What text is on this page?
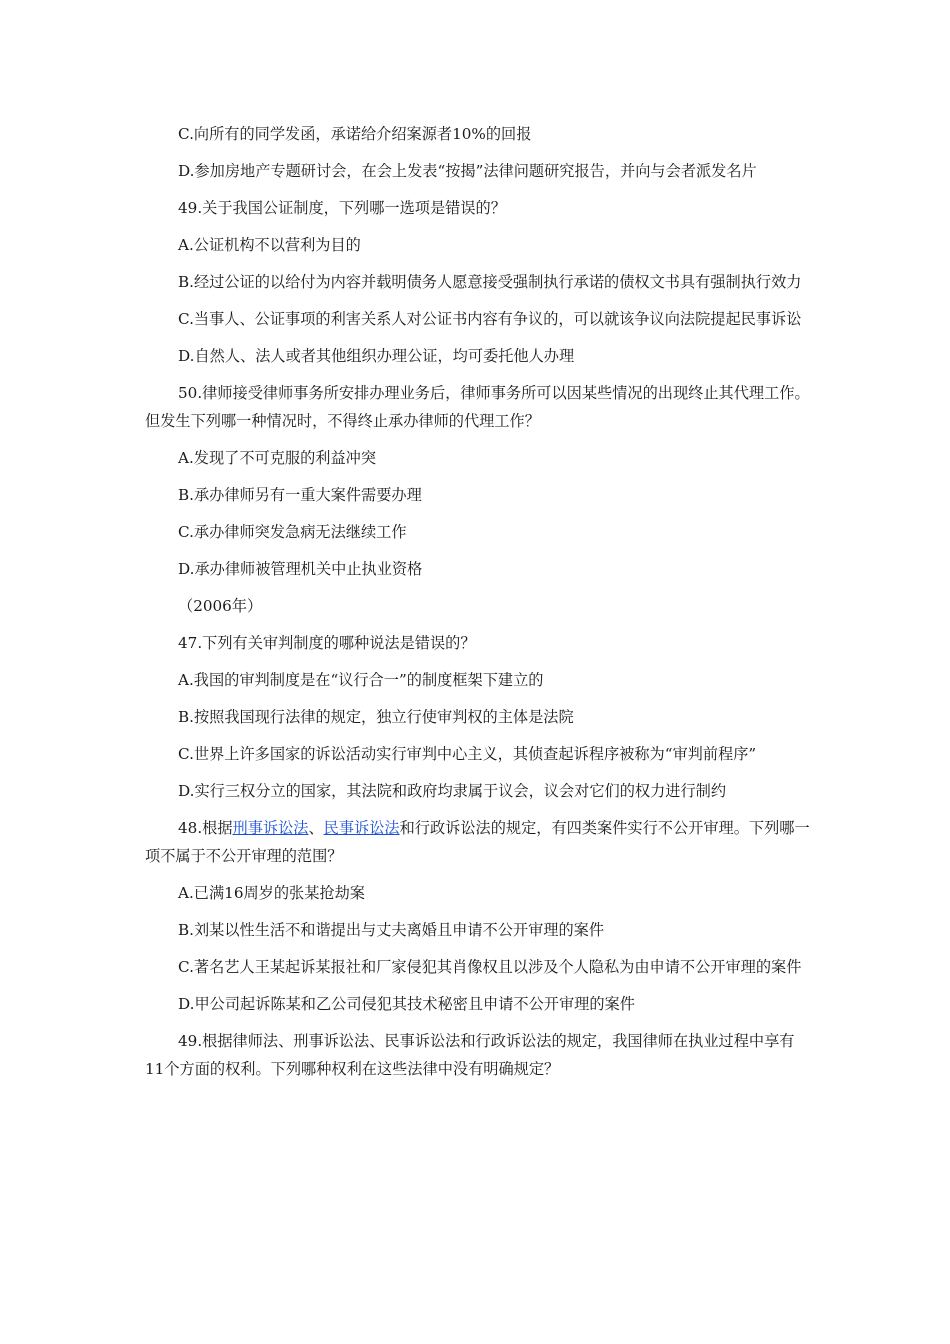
C.向所有的同学发函，承诺给介绍案源者10%的回报

D.参加房地产专题研讨会，在会上发表“按揭”法律问题研究报告，并向与会者派发名片

49.关于我国公证制度，下列哪一选项是错误的？

A.公证机构不以营利为目的

B.经过公证的以给付为内容并载明债务人愿意接受强制执行承诺的债权文书具有强制执行效力

C.当事人、公证事项的利害关系人对公证书内容有争议的，可以就该争议向法院提起民事诉讼

D.自然人、法人或者其他组织办理公证，均可委托他人办理

50.律师接受律师事务所安排办理业务后，律师事务所可以因某些情况的出现终止其代理工作。但发生下列哪一种情况时，不得终止承办律师的代理工作？

A.发现了不可克服的利益冲突

B.承办律师另有一重大案件需要办理

C.承办律师突发急病无法继续工作

D.承办律师被管理机关中止执业资格

（2006年）

47.下列有关审判制度的哪种说法是错误的？

A.我国的审判制度是在“议行合一”的制度框架下建立的

B.按照我国现行法律的规定，独立行使审判权的主体是法院

C.世界上许多国家的诉讼活动实行审判中心主义，其侦查起诉程序被称为“审判前程序”

D.实行三权分立的国家，其法院和政府均隶属于议会，议会对它们的权力进行制约

48.根据刑事诉讼法、民事诉讼法和行政诉讼法的规定，有四类案件实行不公开审理。下列哪一项不属于不公开审理的范围？

A.已满16周岁的张某抢劫案

B.刘某以性生活不和谐提出与丈夫离婚且申请不公开审理的案件

C.著名艺人王某起诉某报社和厂家侵犯其肖像权且以涉及个人隐私为由申请不公开审理的案件

D.甲公司起诉陈某和乙公司侵犯其技术秘密且申请不公开审理的案件

49.根据律师法、刑事诉讼法、民事诉讼法和行政诉讼法的规定，我国律师在执业过程中享有11个方面的权利。下列哪种权利在这些法律中没有明确规定？
